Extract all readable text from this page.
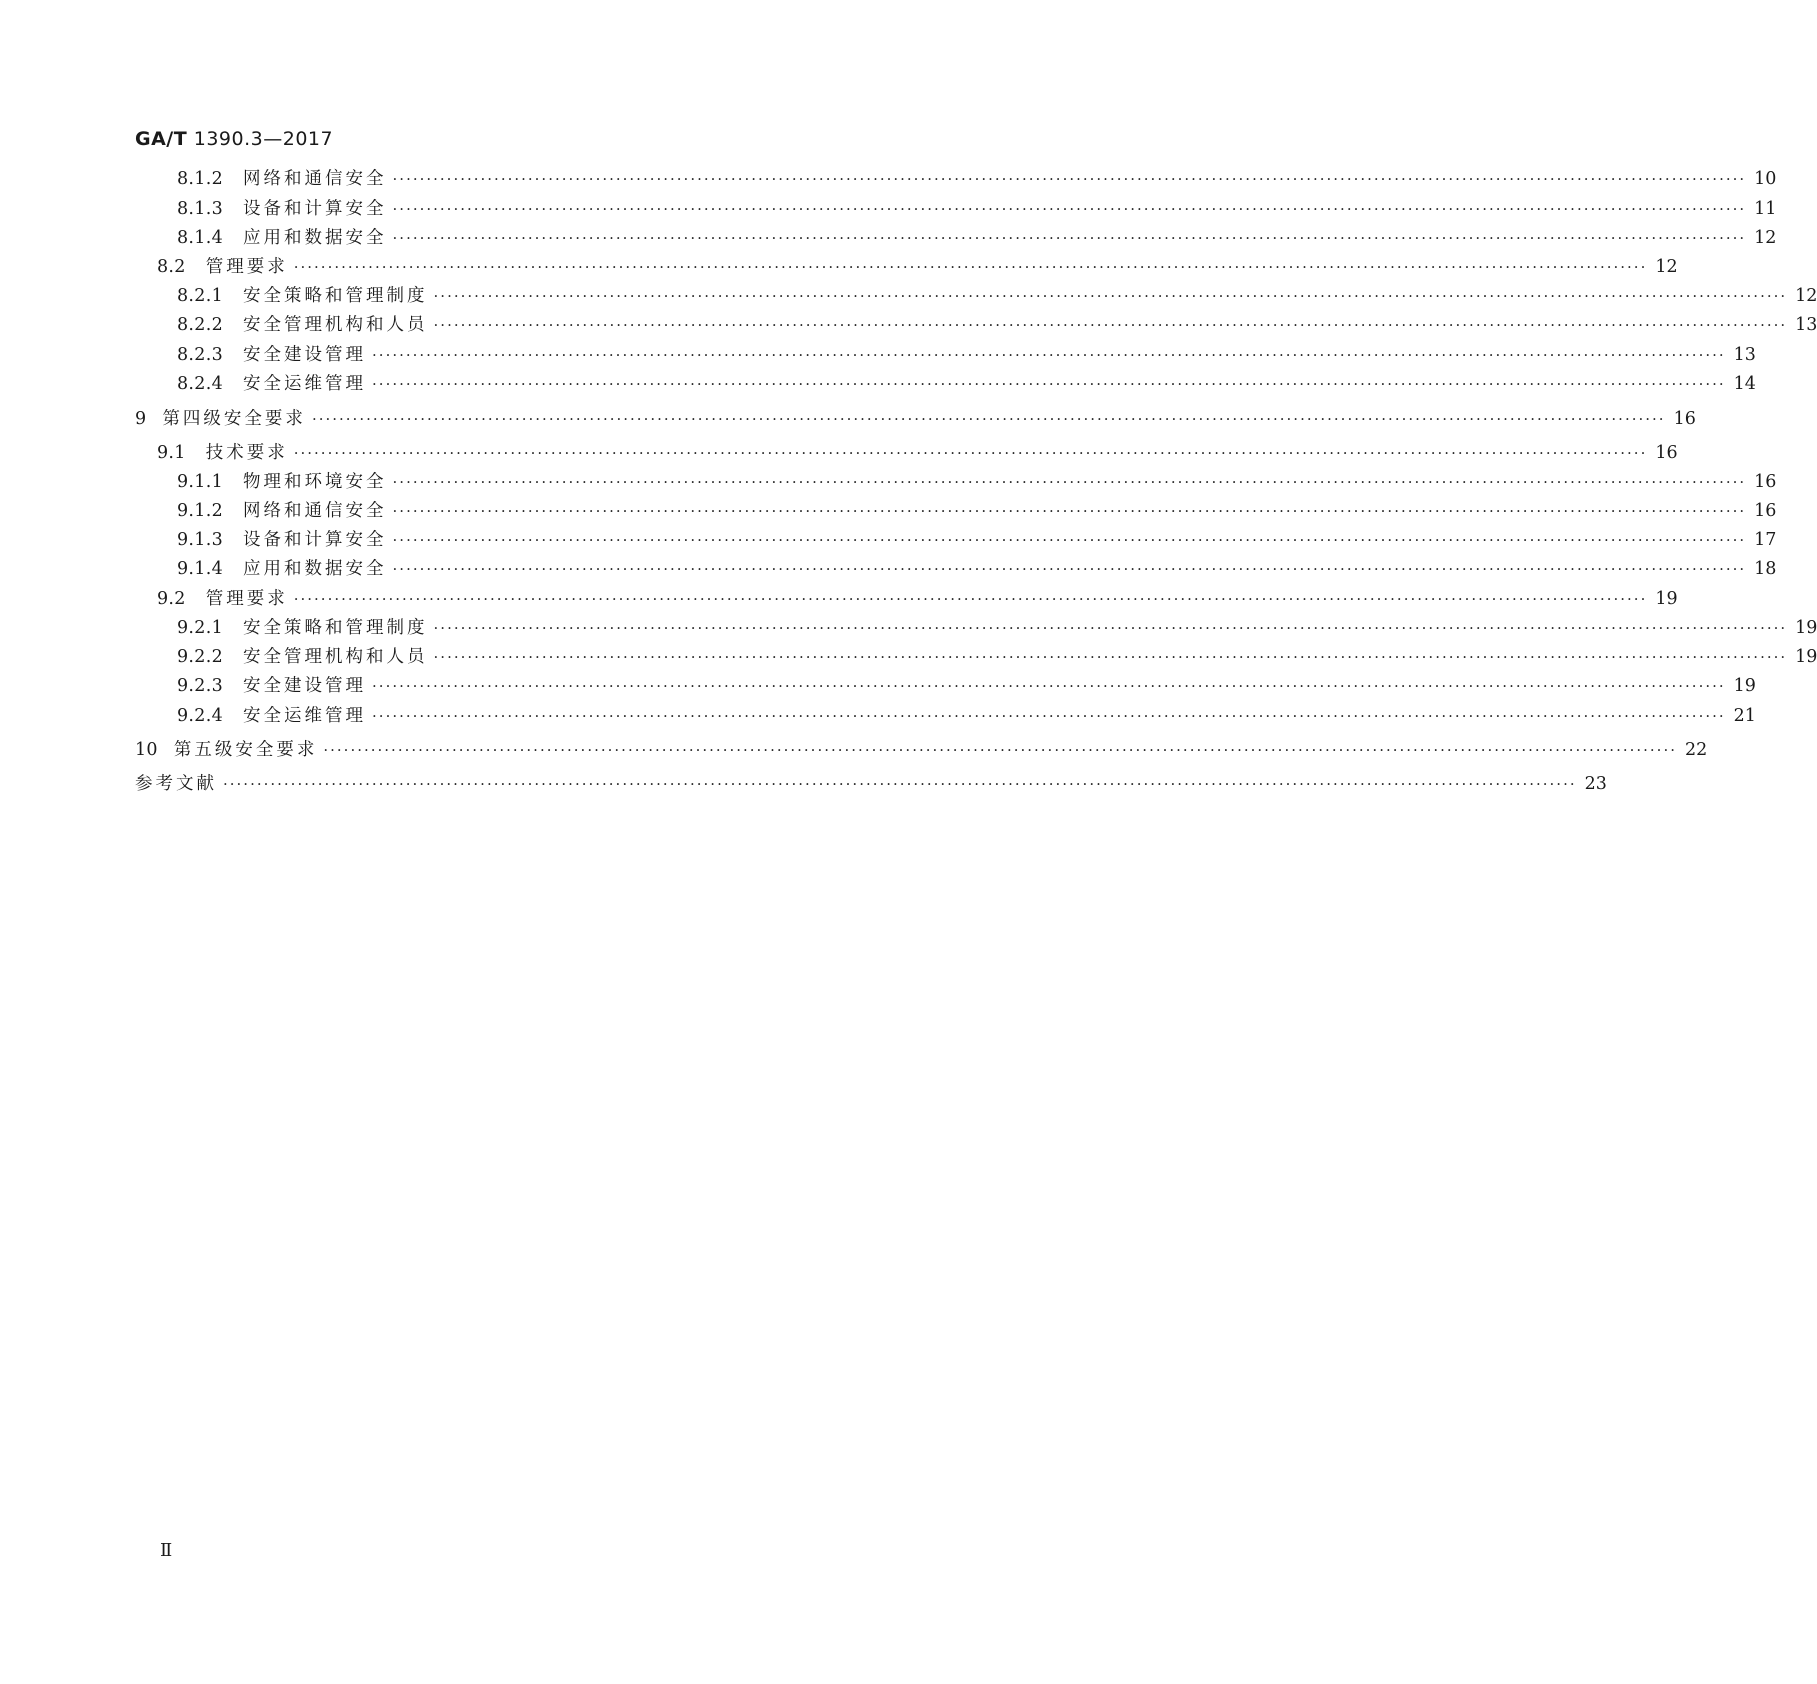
GA/T 1390.3—2017
8.1.2 网络和通信安全 ········································································································································································································ 10
8.1.3 设备和计算安全 ········································································································································································································ 11
8.1.4 应用和数据安全 ········································································································································································································ 12
8.2 管理要求 ········································································································································································································ 12
8.2.1 安全策略和管理制度 ········································································································································································································ 12
8.2.2 安全管理机构和人员 ········································································································································································································ 13
8.2.3 安全建设管理 ········································································································································································································ 13
8.2.4 安全运维管理 ········································································································································································································ 14
9 第四级安全要求 ········································································································································································································ 16
9.1 技术要求 ········································································································································································································ 16
9.1.1 物理和环境安全 ········································································································································································································ 16
9.1.2 网络和通信安全 ········································································································································································································ 16
9.1.3 设备和计算安全 ········································································································································································································ 17
9.1.4 应用和数据安全 ········································································································································································································ 18
9.2 管理要求 ········································································································································································································ 19
9.2.1 安全策略和管理制度 ········································································································································································································ 19
9.2.2 安全管理机构和人员 ········································································································································································································ 19
9.2.3 安全建设管理 ········································································································································································································ 19
9.2.4 安全运维管理 ········································································································································································································ 21
10 第五级安全要求 ········································································································································································································ 22
参考文献 ········································································································································································································ 23
Ⅱ
